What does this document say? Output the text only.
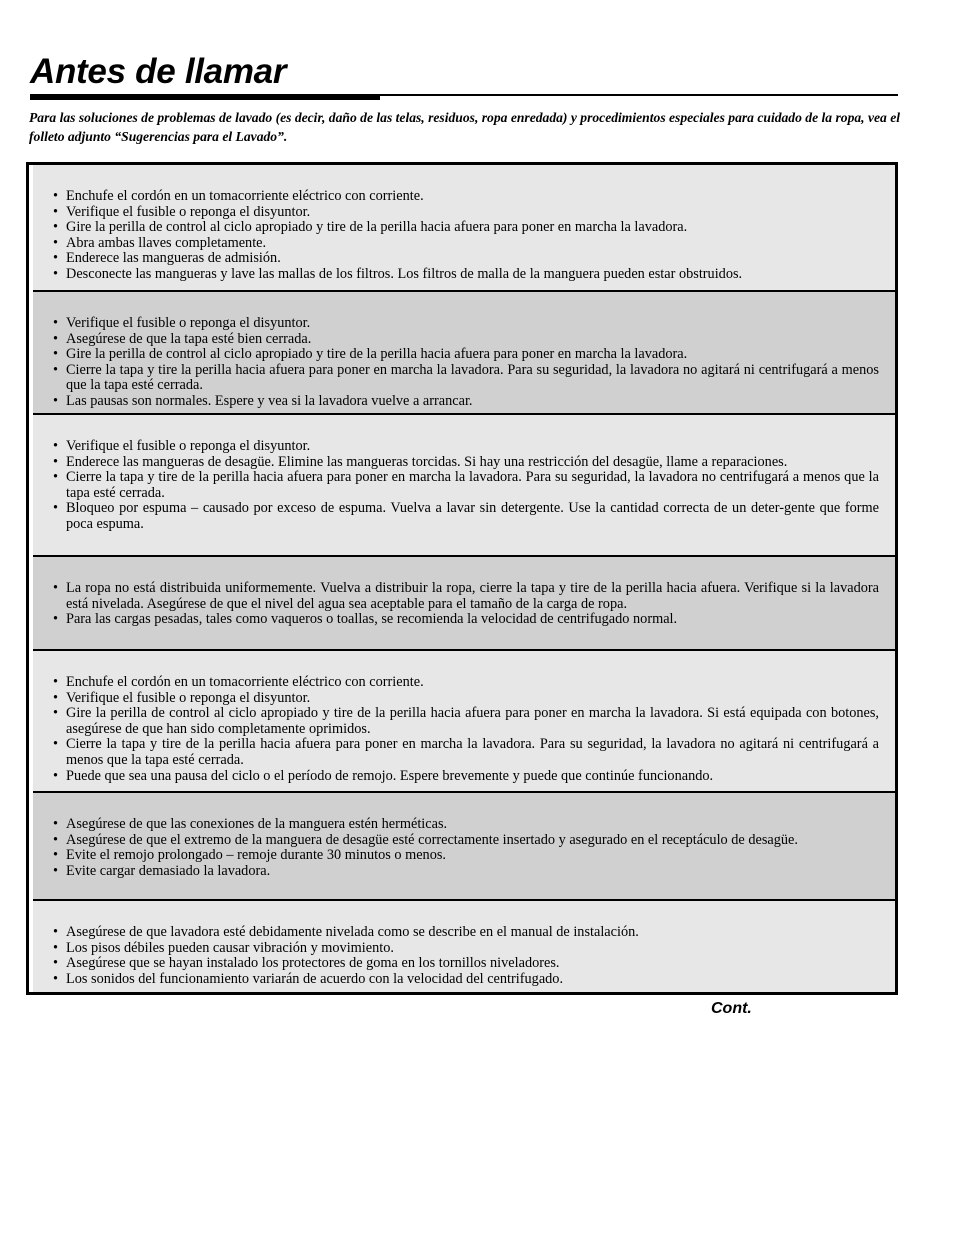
Antes de llamar
Para las soluciones de problemas de lavado (es decir, daño de las telas, residuos, ropa enredada) y procedimientos especiales para cuidado de la ropa, vea el folleto adjunto “Sugerencias para el Lavado”.
• Enchufe el cordón en un tomacorriente eléctrico con corriente.
• Verifique el fusible o reponga el disyuntor.
• Gire la perilla de control al ciclo apropiado y tire de la perilla hacia afuera para poner en marcha la lavadora.
• Abra ambas llaves completamente.
• Enderece las mangueras de admisión.
• Desconecte las mangueras y lave las mallas de los filtros. Los filtros de malla de la manguera pueden estar obstruidos.
• Verifique el fusible o reponga el disyuntor.
• Asegúrese de que la tapa esté bien cerrada.
• Gire la perilla de control al ciclo apropiado y tire de la perilla hacia afuera para poner en marcha la lavadora.
• Cierre la tapa y tire la perilla hacia afuera para poner en marcha la lavadora. Para su seguridad, la lavadora no agitará ni centrifugará a menos que la tapa esté cerrada.
• Las pausas son normales. Espere y vea si la lavadora vuelve a arrancar.
• Verifique el fusible o reponga el disyuntor.
• Enderece las mangueras de desagüe. Elimine las mangueras torcidas. Si hay una restricción del desagüe, llame a reparaciones.
• Cierre la tapa y tire de la perilla hacia afuera para poner en marcha la lavadora. Para su seguridad, la lavadora no centrifugará a menos que la tapa esté cerrada.
• Bloqueo por espuma – causado por exceso de espuma. Vuelva a lavar sin detergente. Use la cantidad correcta de un deter-gente que forme poca espuma.
• La ropa no está distribuida uniformemente. Vuelva a distribuir la ropa, cierre la tapa y tire de la perilla hacia afuera. Verifique si la lavadora está nivelada. Asegúrese de que el nivel del agua sea aceptable para el tamaño de la carga de ropa.
• Para las cargas pesadas, tales como vaqueros o toallas, se recomienda la velocidad de centrifugado normal.
• Enchufe el cordón en un tomacorriente eléctrico con corriente.
• Verifique el fusible o reponga el disyuntor.
• Gire la perilla de control al ciclo apropiado y tire de la perilla hacia afuera para poner en marcha la lavadora. Si está equipada con botones, asegúrese de que han sido completamente oprimidos.
• Cierre la tapa y tire de la perilla hacia afuera para poner en marcha la lavadora. Para su seguridad, la lavadora no agitará ni centrifugará a menos que la tapa esté cerrada.
• Puede que sea una pausa del ciclo o el período de remojo. Espere brevemente y puede que continúe funcionando.
• Asegúrese de que las conexiones de la manguera estén herméticas.
• Asegúrese de que el extremo de la manguera de desagüe esté correctamente insertado y asegurado en el receptáculo de desagüe.
• Evite el remojo prolongado – remoje durante 30 minutos o menos.
• Evite cargar demasiado la lavadora.
• Asegúrese de que lavadora esté debidamente nivelada como se describe en el manual de instalación.
• Los pisos débiles pueden causar vibración y movimiento.
• Asegúrese que se hayan instalado los protectores de goma en los tornillos niveladores.
• Los sonidos del funcionamiento variarán de acuerdo con la velocidad del centrifugado.
Cont.
